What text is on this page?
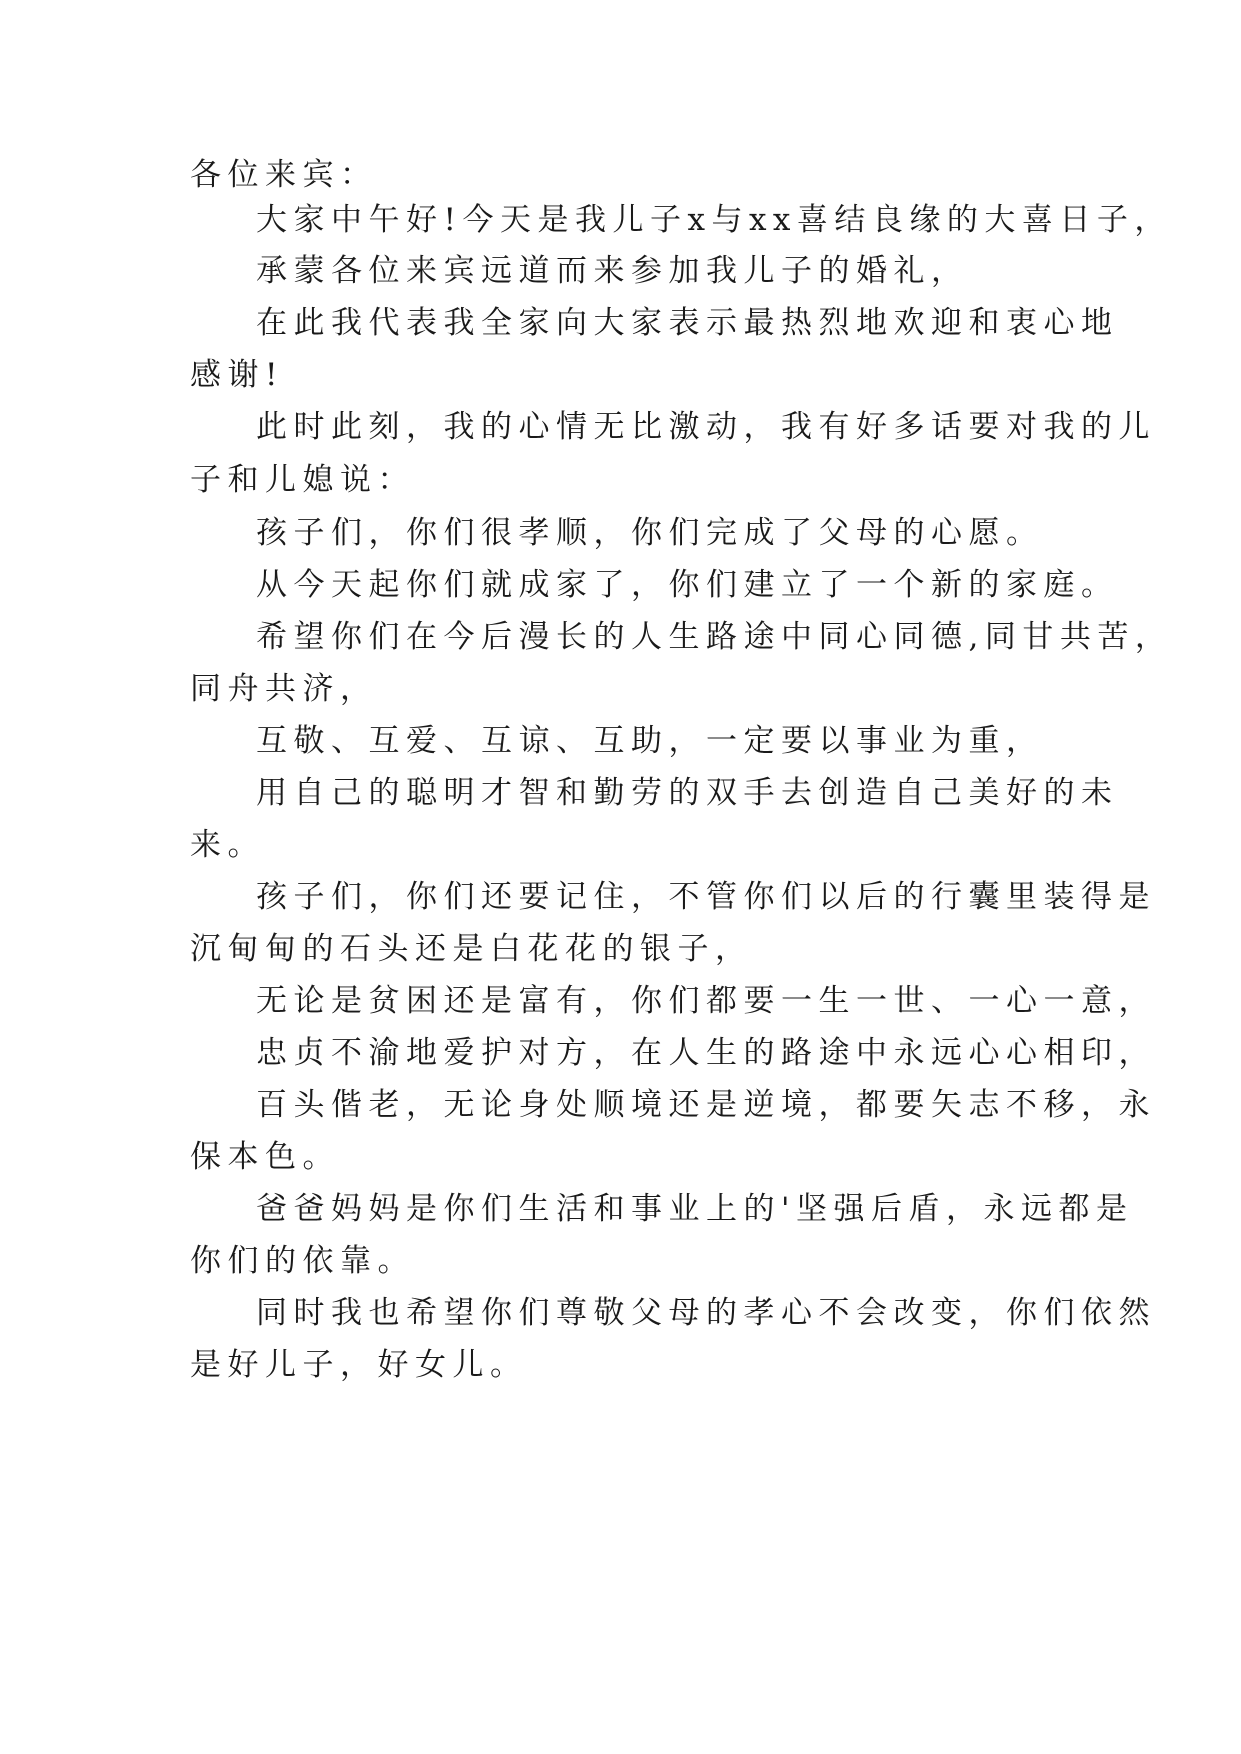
各位来宾：

大家中午好!今天是我儿子x与xx喜结良缘的大喜日子，

承蒙各位来宾远道而来参加我儿子的婚礼，

在此我代表我全家向大家表示最热烈地欢迎和衷心地

感谢!

此时此刻，我的心情无比激动，我有好多话要对我的儿

子和儿媳说：

孩子们，你们很孝顺，你们完成了父母的心愿。

从今天起你们就成家了，你们建立了一个新的家庭。

希望你们在今后漫长的人生路途中同心同德,同甘共苦，

同舟共济，

互敬、互爱、互谅、互助，一定要以事业为重，

用自己的聪明才智和勤劳的双手去创造自己美好的未

来。

孩子们，你们还要记住，不管你们以后的行囊里装得是

沉甸甸的石头还是白花花的银子，

无论是贫困还是富有，你们都要一生一世、一心一意，

忠贞不渝地爱护对方，在人生的路途中永远心心相印，

百头偕老，无论身处顺境还是逆境，都要矢志不移，永

保本色。

爸爸妈妈是你们生活和事业上的'坚强后盾，永远都是

你们的依靠。

同时我也希望你们尊敬父母的孝心不会改变，你们依然

是好儿子，好女儿。
